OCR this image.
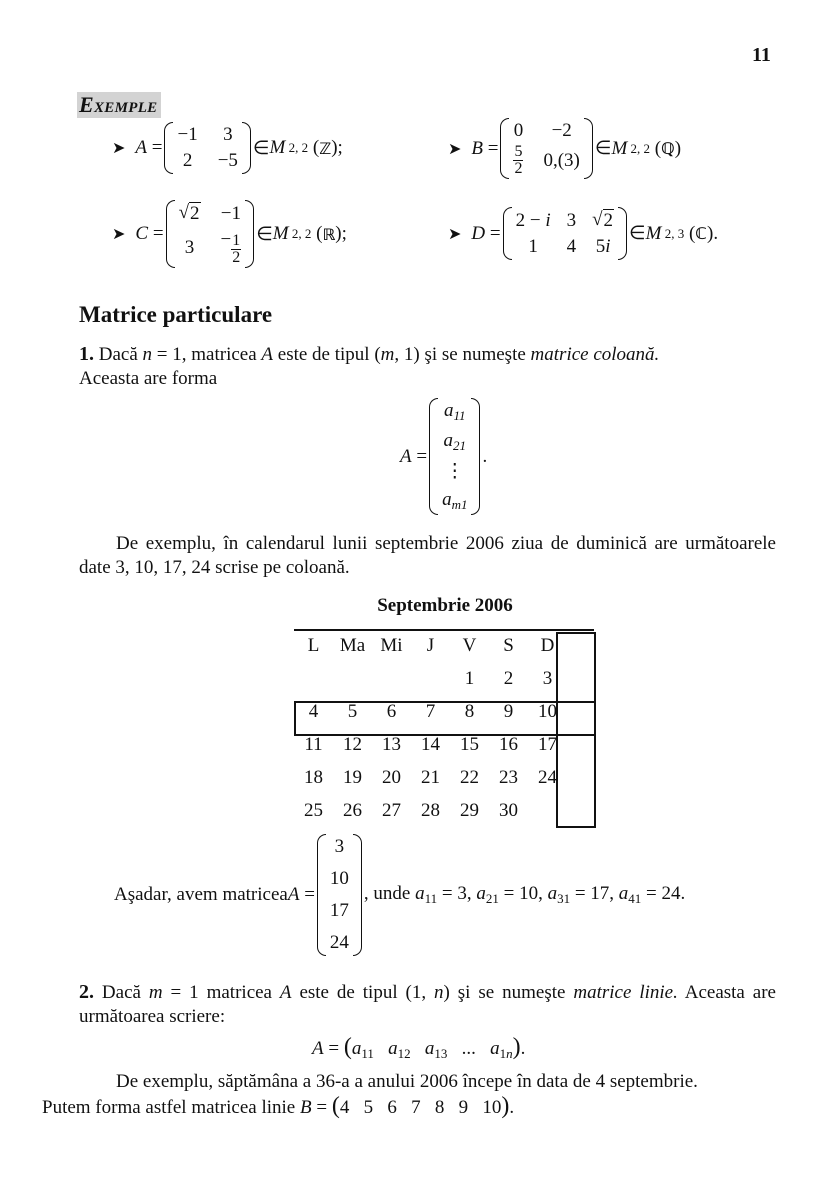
11
EXEMPLE
➤ A =
−1 3
2 −5
∈ M 2, 2 ( ℤ );	➤ B =
0 −2
$\frac{5}{2} 0,(3)$
∈ M 2, 2 ( ℚ )
➤ C =
√ 2 −1
$3 - \frac{1}{2}$ ∈ M 2, 2 ( ℝ );	➤ D =
2 − i 3 √ 2
1 4 5i
∈ M 2, 3 ( ℂ ).
Matrice particulare
1. Dacă n = 1, matricea A este de tipul (m, 1) şi se numeşte matrice coloană.
Aceasta are forma
A =
$a_{11}$
$a_{21}$
⋮
$a_{m1}$
.
De exemplu, în calendarul lunii septembrie 2006 ziua de duminică are următoarele date 3, 10, 17, 24 scrise pe coloană.
Septembrie 2006
L	Ma	Mi	J	V	S	D
				1	2	3
4	5	6	7	8	9	10
11	12	13	14	15	16	17
18	19	20	21	22	23	24
25	26	27	28	29	30	
Aşadar, avem matricea A =
3
10
17
24
, unde $a_{11} = 3$, $a_{21} = 10$, $a_{31} = 17$, $a_{41} = 24$.
2. Dacă m = 1 matricea A este de tipul (1, n) şi se numeşte matrice linie. Aceasta are următoarea scriere:
$A = (a_{11}$ $a_{12}$ $a_{13}$   ...   $a_{1n}$).
De exemplu, săptămâna a 36-a a anului 2006 începe în data de 4 septembrie.
Putem forma astfel matricea linie B = (4   5   6   7   8   9   10).
